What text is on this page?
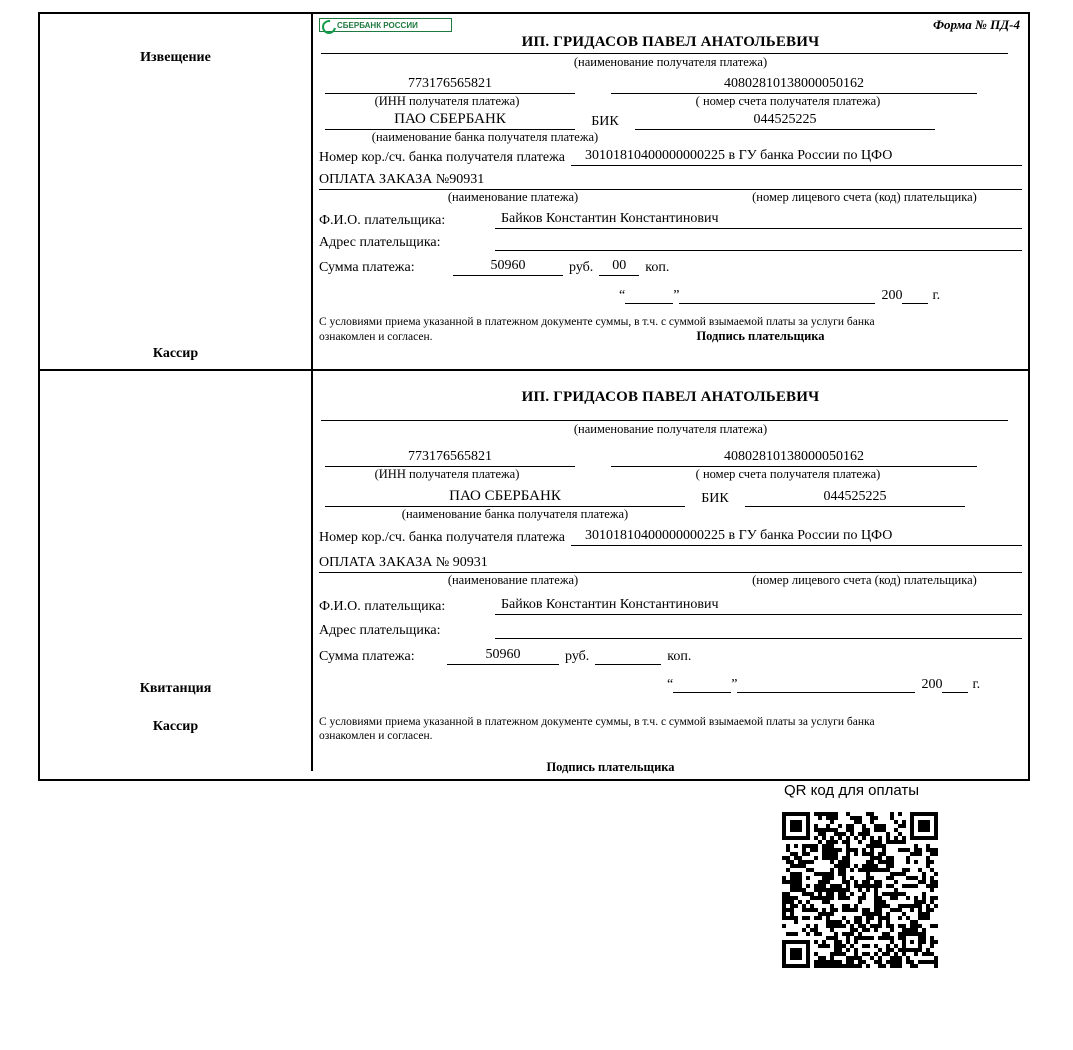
Извещение
Кассир
СБЕРБАНК РОССИИ	Форма № ПД-4
ИП. ГРИДАСОВ ПАВЕЛ АНАТОЛЬЕВИЧ
(наименование получателя платежа)
773176565821	40802810138000050162
(ИНН получателя платежа)	( номер счета получателя платежа)
ПАО СБЕРБАНК	БИК	044525225
(наименование банка получателя платежа)
Номер кор./сч. банка получателя платежа	30101810400000000225 в ГУ банка России по ЦФО
ОПЛАТА ЗАКАЗА №90931
(наименование платежа)	(номер лицевого счета (код) плательщика)
Ф.И.О. плательщика:	Байков Константин Константинович
Адрес плательщика:
Сумма платежа:	50960	руб.	00	коп.
“	”	200 г.
С условиями приема указанной в платежном документе суммы, в т.ч. с суммой взымаемой платы за услуги банка
ознакомлен и согласен.	Подпись плательщика
Квитанция
Кассир
ИП. ГРИДАСОВ ПАВЕЛ АНАТОЛЬЕВИЧ
(наименование получателя платежа)
773176565821	40802810138000050162
(ИНН получателя платежа)	( номер счета получателя платежа)
ПАО СБЕРБАНК	БИК	044525225
(наименование банка получателя платежа)
Номер кор./сч. банка получателя платежа	30101810400000000225 в ГУ банка России по ЦФО
ОПЛАТА ЗАКАЗА № 90931
(наименование платежа)	(номер лицевого счета (код) плательщика)
Ф.И.О. плательщика:	Байков Константин Константинович
Адрес плательщика:
Сумма платежа:	50960	руб.	коп.
“	”	200 г.
С условиями приема указанной в платежном документе суммы, в т.ч. с суммой взымаемой платы за услуги банка
ознакомлен и согласен.
Подпись плательщика
QR код для оплаты
